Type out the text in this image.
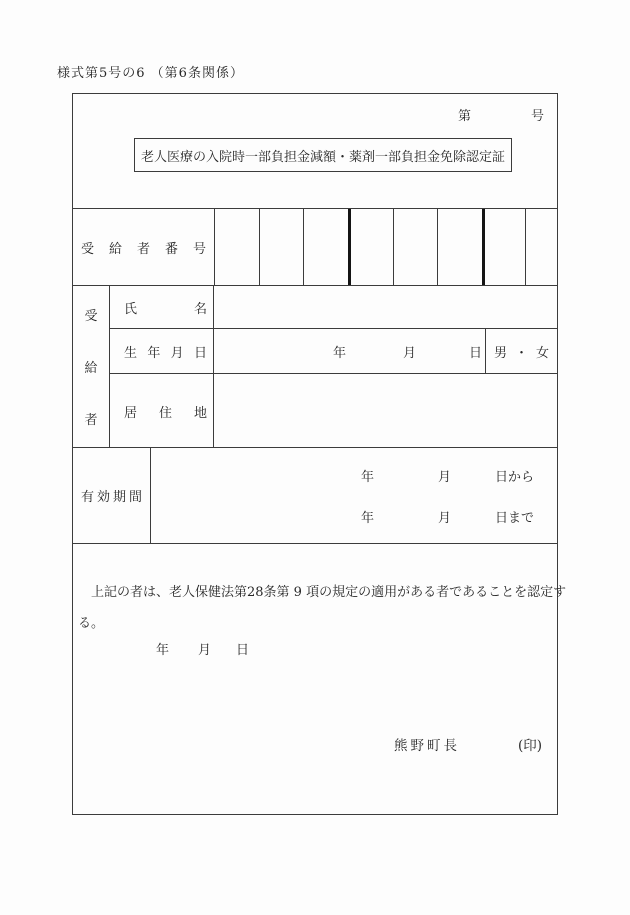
様式第5号の6 （第6条関係）
第	号
老人医療の入院時一部負担金減額・薬剤一部負担金免除認定証
受 給 者 番 号
受
給
者
氏	名
生 年 月 日	年	月	日 男 ・ 女
居 住 地
有 効 期 間
年	月	日から
年	月	日まで
　上記の者は、老人保健法第28条第 9 項の規定の適用がある者であることを認定す
る。
年 月 日
熊野町長	(印)
